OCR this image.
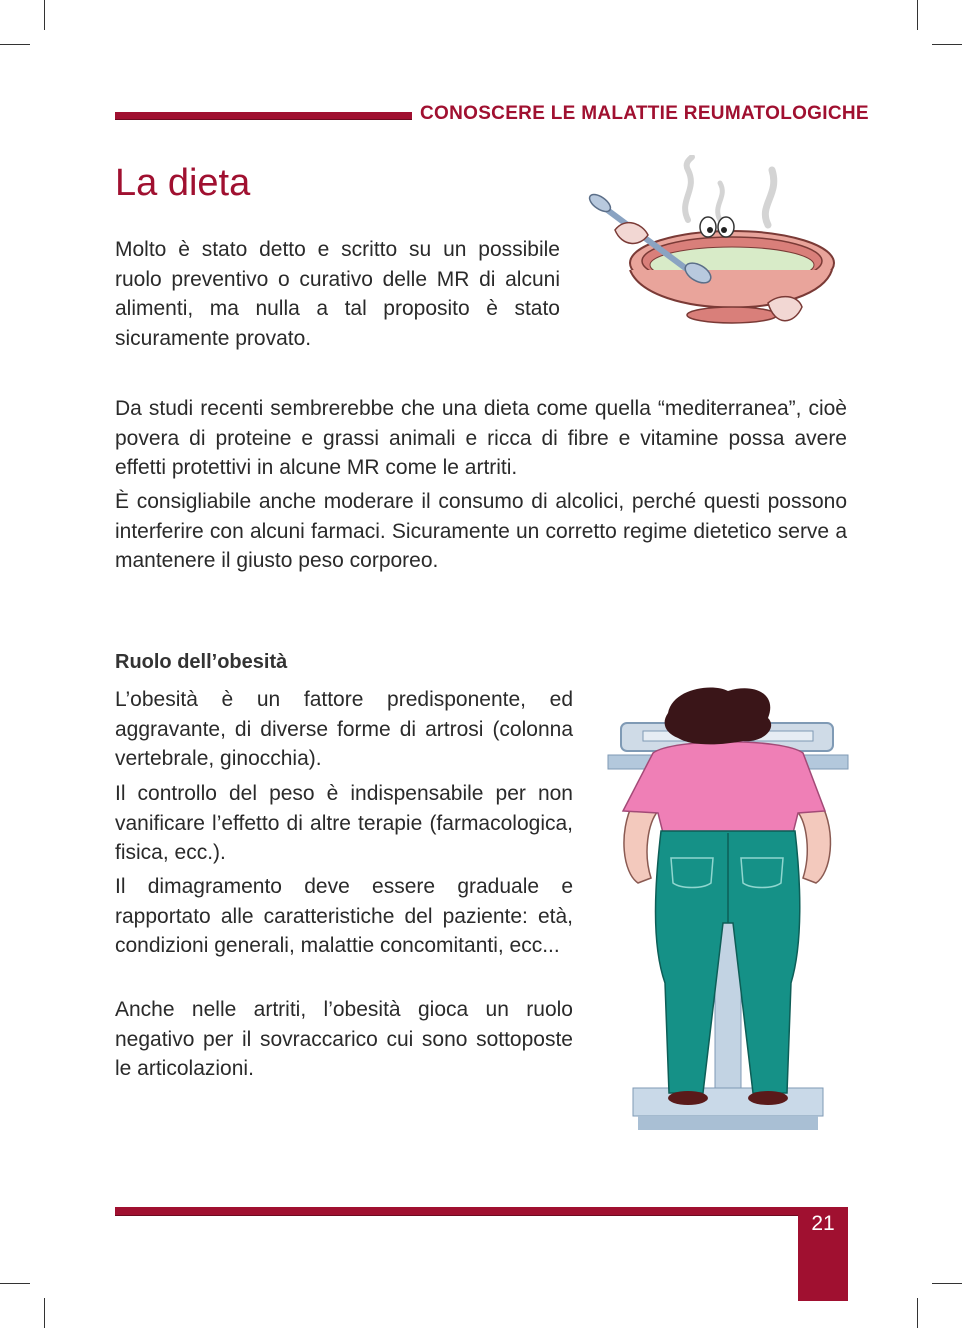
CONOSCERE LE MALATTIE REUMATOLOGICHE
La dieta

Molto è stato detto e scritto su un possibile ruolo preventivo o curativo delle MR di alcuni alimenti, ma nulla a tal proposito è stato sicuramente provato.

Da studi recenti sembrerebbe che una dieta come quella “mediterranea”, cioè povera di proteine e grassi animali e ricca di fibre e vitamine possa avere effetti protettivi in alcune MR come le artriti.

È consigliabile anche moderare il consumo di alcolici, perché questi possono interferire con alcuni farmaci. Sicuramente un corretto regime dietetico serve a mantenere il giusto peso corporeo.

Ruolo dell’obesità

L’obesità è un fattore predisponente, ed aggravante, di diverse forme di artrosi (colonna vertebrale, ginocchia).

Il controllo del peso è indispensabile per non vanificare l’effetto di altre terapie (farmacologica, fisica, ecc.).

Il dimagramento deve essere graduale e rapportato alle caratteristiche del paziente: età, condizioni generali, malattie concomitanti, ecc...

Anche nelle artriti, l’obesità gioca un ruolo negativo per il sovraccarico cui sono sottoposte le articolazioni.

21
